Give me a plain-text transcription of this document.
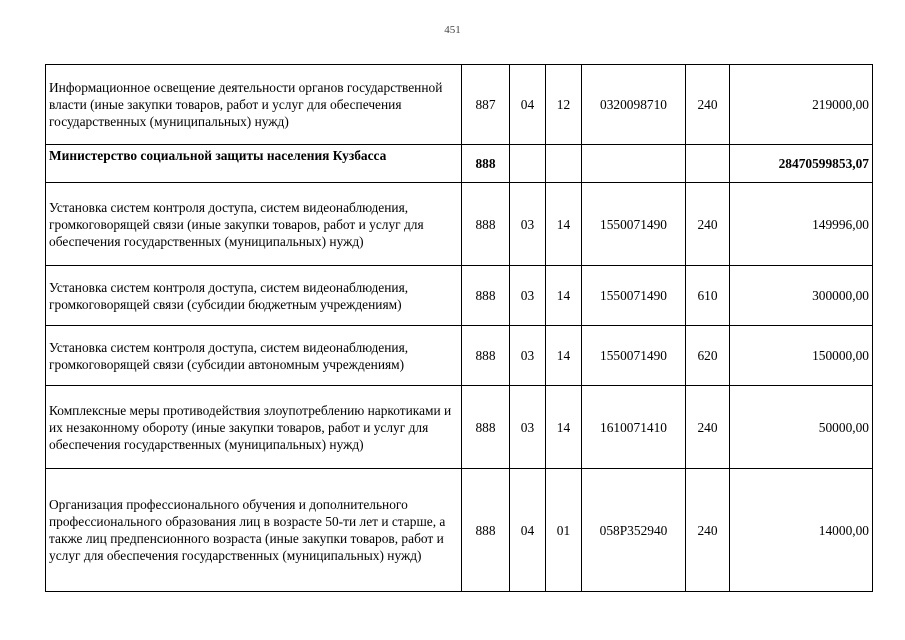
451
Информационное освещение деятельности органов государственной власти (иные закупки товаров, работ и услуг для обеспечения государственных (муниципальных) нужд)	887	04	12	0320098710	240	219000,00
Министерство социальной защиты населения Кузбасса	888					28470599853,07
Установка систем контроля доступа, систем видеонаблюдения, громкоговорящей связи (иные закупки товаров, работ и услуг для обеспечения государственных (муниципальных) нужд)	888	03	14	1550071490	240	149996,00
Установка систем контроля доступа, систем видеонаблюдения, громкоговорящей связи (субсидии бюджетным учреждениям)	888	03	14	1550071490	610	300000,00
Установка систем контроля доступа, систем видеонаблюдения, громкоговорящей связи (субсидии автономным учреждениям)	888	03	14	1550071490	620	150000,00
Комплексные меры противодействия злоупотреблению наркотиками и их незаконному обороту (иные закупки товаров, работ и услуг для обеспечения государственных (муниципальных) нужд)	888	03	14	1610071410	240	50000,00
Организация профессионального обучения и дополнительного профессионального образования лиц в возрасте 50-ти лет и старше, а также лиц предпенсионного возраста (иные закупки товаров, работ и услуг для обеспечения государственных (муниципальных) нужд)	888	04	01	058P352940	240	14000,00
